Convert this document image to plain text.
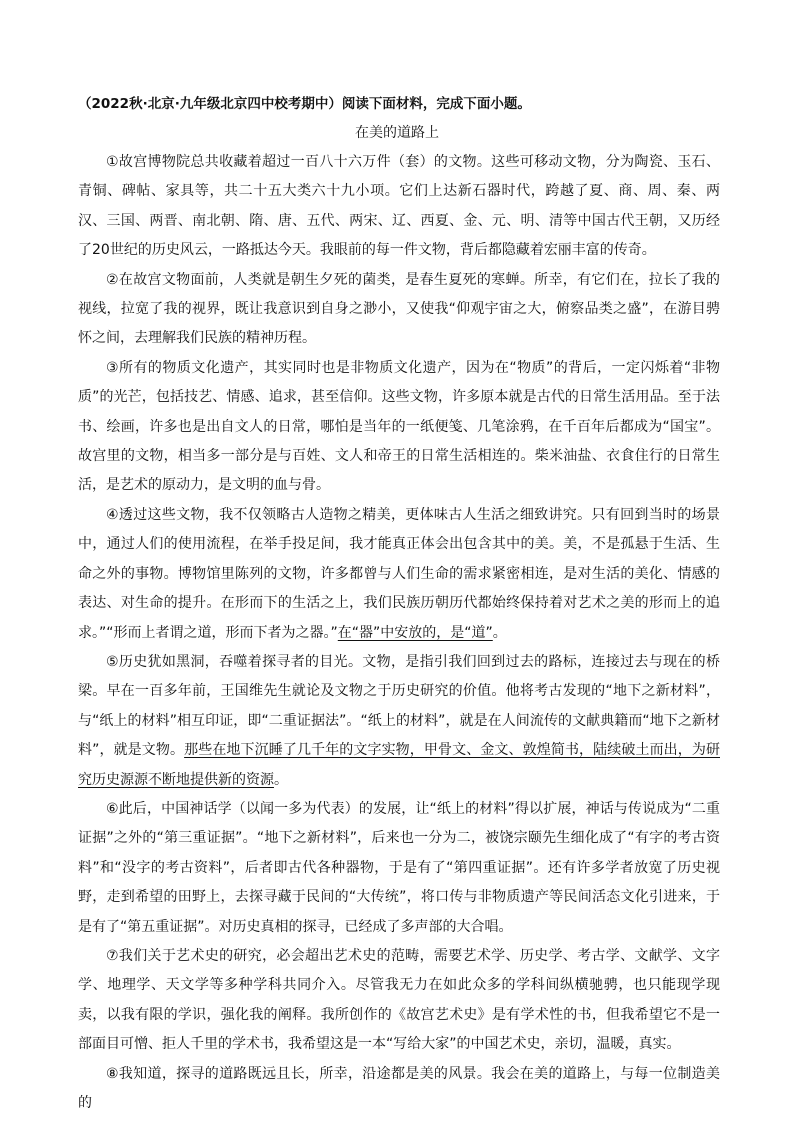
（2022秋·北京·九年级北京四中校考期中）阅读下面材料，完成下面小题。
在美的道路上

①故宫博物院总共收藏着超过一百八十六万件（套）的文物。这些可移动文物，分为陶瓷、玉石、青铜、碑帖、家具等，共二十五大类六十九小项。它们上达新石器时代，跨越了夏、商、周、秦、两汉、三国、两晋、南北朝、隋、唐、五代、两宋、辽、西夏、金、元、明、清等中国古代王朝，又历经了20世纪的历史风云，一路抵达今天。我眼前的每一件文物，背后都隐藏着宏丽丰富的传奇。

②在故宫文物面前，人类就是朝生夕死的菌类，是春生夏死的寒蝉。所幸，有它们在，拉长了我的视线，拉宽了我的视界，既让我意识到自身之渺小，又使我“仰观宇宙之大，俯察品类之盛”，在游目骋怀之间，去理解我们民族的精神历程。

③所有的物质文化遗产，其实同时也是非物质文化遗产，因为在“物质”的背后，一定闪烁着“非物质”的光芒，包括技艺、情感、追求，甚至信仰。这些文物，许多原本就是古代的日常生活用品。至于法书、绘画，许多也是出自文人的日常，哪怕是当年的一纸便笺、几笔涂鸦，在千百年后都成为“国宝”。故宫里的文物，相当多一部分是与百姓、文人和帝王的日常生活相连的。柴米油盐、衣食住行的日常生活，是艺术的原动力，是文明的血与骨。

④透过这些文物，我不仅领略古人造物之精美，更体味古人生活之细致讲究。只有回到当时的场景中，通过人们的使用流程，在举手投足间，我才能真正体会出包含其中的美。美，不是孤悬于生活、生命之外的事物。博物馆里陈列的文物，许多都曾与人们生命的需求紧密相连，是对生活的美化、情感的表达、对生命的提升。在形而下的生活之上，我们民族历朝历代都始终保持着对艺术之美的形而上的追求。”“形而上者谓之道，形而下者为之器。”在“器”中安放的，是“道”。

⑤历史犹如黑洞，吞噬着探寻者的目光。文物，是指引我们回到过去的路标，连接过去与现在的桥梁。早在一百多年前，王国维先生就论及文物之于历史研究的价值。他将考古发现的“地下之新材料”，与“纸上的材料”相互印证，即“二重证据法”。“纸上的材料”，就是在人间流传的文献典籍而“地下之新材料”，就是文物。那些在地下沉睡了几千年的文字实物，甲骨文、金文、敦煌简书，陆续破土而出，为研究历史源源不断地提供新的资源。

⑥此后，中国神话学（以闻一多为代表）的发展，让“纸上的材料”得以扩展，神话与传说成为“二重证据”之外的“第三重证据”。“地下之新材料”，后来也一分为二，被饶宗颐先生细化成了“有字的考古资料”和“没字的考古资料”，后者即古代各种器物，于是有了“第四重证据”。还有许多学者放宽了历史视野，走到希望的田野上，去探寻藏于民间的“大传统”，将口传与非物质遗产等民间活态文化引进来，于是有了“第五重证据”。对历史真相的探寻，已经成了多声部的大合唱。

⑦我们关于艺术史的研究，必会超出艺术史的范畴，需要艺术学、历史学、考古学、文献学、文字学、地理学、天文学等多种学科共同介入。尽管我无力在如此众多的学科间纵横驰骋，也只能现学现卖，以我有限的学识，强化我的阐释。我所创作的《故宫艺术史》是有学术性的书，但我希望它不是一部面目可憎、拒人千里的学术书，我希望这是一本“写给大家”的中国艺术史，亲切，温暖，真实。

⑧我知道，探寻的道路既远且长，所幸，沿途都是美的风景。我会在美的道路上，与每一位制造美的
